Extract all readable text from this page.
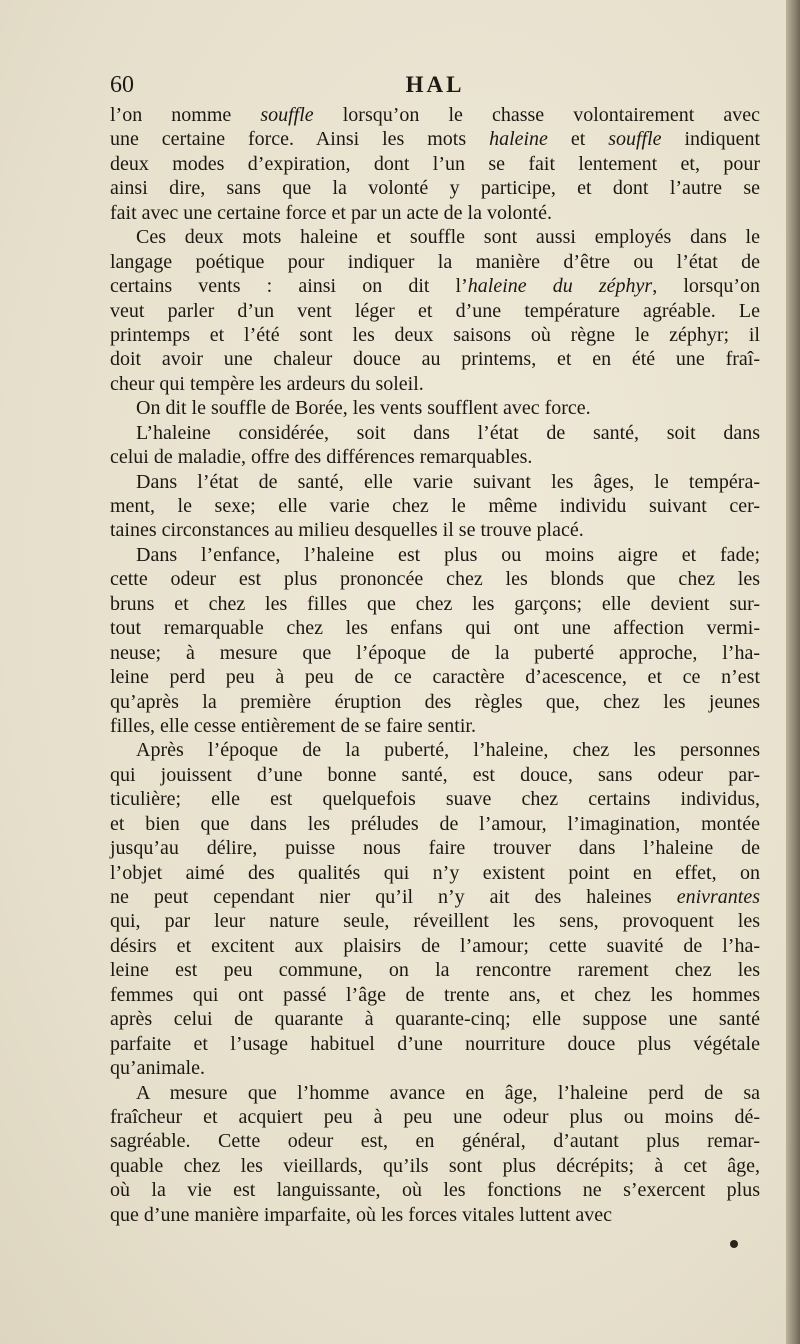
60	HAL
l’on nomme souffle lorsqu’on le chasse volontairement avec
une certaine force. Ainsi les mots haleine et souffle indiquent
deux modes d’expiration, dont l’un se fait lentement et, pour
ainsi dire, sans que la volonté y participe, et dont l’autre se
fait avec une certaine force et par un acte de la volonté.
Ces deux mots haleine et souffle sont aussi employés dans le
langage poétique pour indiquer la manière d’être ou l’état de
certains vents : ainsi on dit l’haleine du zéphyr, lorsqu’on
veut parler d’un vent léger et d’une température agréable. Le
printemps et l’été sont les deux saisons où règne le zéphyr; il
doit avoir une chaleur douce au printems, et en été une fraî-
cheur qui tempère les ardeurs du soleil.
On dit le souffle de Borée, les vents soufflent avec force.
L’haleine considérée, soit dans l’état de santé, soit dans
celui de maladie, offre des différences remarquables.
Dans l’état de santé, elle varie suivant les âges, le tempéra-
ment, le sexe; elle varie chez le même individu suivant cer-
taines circonstances au milieu desquelles il se trouve placé.
Dans l’enfance, l’haleine est plus ou moins aigre et fade;
cette odeur est plus prononcée chez les blonds que chez les
bruns et chez les filles que chez les garçons; elle devient sur-
tout remarquable chez les enfans qui ont une affection vermi-
neuse; à mesure que l’époque de la puberté approche, l’ha-
leine perd peu à peu de ce caractère d’acescence, et ce n’est
qu’après la première éruption des règles que, chez les jeunes
filles, elle cesse entièrement de se faire sentir.
Après l’époque de la puberté, l’haleine, chez les personnes
qui jouissent d’une bonne santé, est douce, sans odeur par-
ticulière; elle est quelquefois suave chez certains individus,
et bien que dans les préludes de l’amour, l’imagination, montée
jusqu’au délire, puisse nous faire trouver dans l’haleine de
l’objet aimé des qualités qui n’y existent point en effet, on
ne peut cependant nier qu’il n’y ait des haleines enivrantes
qui, par leur nature seule, réveillent les sens, provoquent les
désirs et excitent aux plaisirs de l’amour; cette suavité de l’ha-
leine est peu commune, on la rencontre rarement chez les
femmes qui ont passé l’âge de trente ans, et chez les hommes
après celui de quarante à quarante-cinq; elle suppose une santé
parfaite et l’usage habituel d’une nourriture douce plus végétale
qu’animale.
A mesure que l’homme avance en âge, l’haleine perd de sa
fraîcheur et acquiert peu à peu une odeur plus ou moins dé-
sagréable. Cette odeur est, en général, d’autant plus remar-
quable chez les vieillards, qu’ils sont plus décrépits; à cet âge,
où la vie est languissante, où les fonctions ne s’exercent plus
que d’une manière imparfaite, où les forces vitales luttent avec
